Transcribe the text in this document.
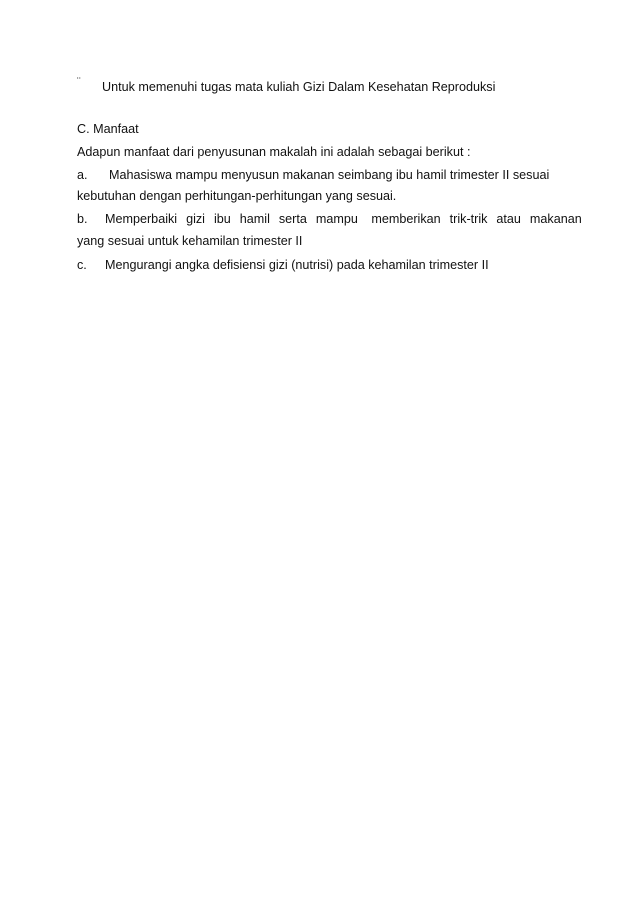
¨ Untuk memenuhi tugas mata kuliah Gizi Dalam Kesehatan Reproduksi
C. Manfaat
Adapun manfaat dari penyusunan makalah ini adalah sebagai berikut :
a. Mahasiswa mampu menyusun makanan seimbang ibu hamil trimester II sesuai
kebutuhan dengan perhitungan-perhitungan yang sesuai.
b. Memperbaiki  gizi  ibu  hamil  serta  mampu   memberikan  trik-trik  atau  makanan
yang sesuai untuk kehamilan trimester II
c. Mengurangi angka defisiensi gizi (nutrisi) pada kehamilan trimester II
